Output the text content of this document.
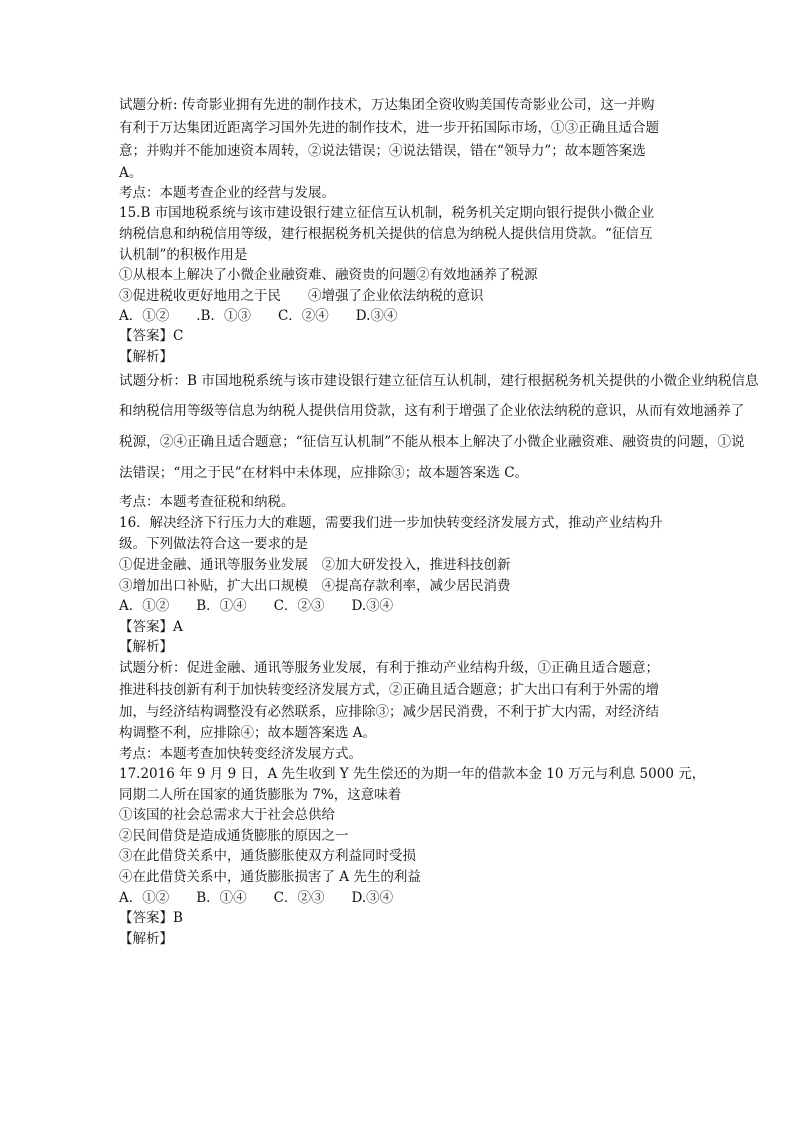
试题分析: 传奇影业拥有先进的制作技术，万达集团全资收购美国传奇影业公司，这一并购
有利于万达集团近距离学习国外先进的制作技术，进一步开拓国际市场，①③正确且适合题
意；并购并不能加速资本周转，②说法错误；④说法错误，错在“领导力”；故本题答案选
A。
考点：本题考查企业的经营与发展。
15.B 市国地税系统与该市建设银行建立征信互认机制，税务机关定期向银行提供小微企业
纳税信息和纳税信用等级，建行根据税务机关提供的信息为纳税人提供信用贷款。“征信互
认机制”的积极作用是
①从根本上解决了小微企业融资难、融资贵的问题②有效地涵养了税源
③促进税收更好地用之于民　　④增强了企业依法纳税的意识
A．①②　　.B．①③　　C．②④　　D.③④
【答案】C
【解析】
试题分析：B 市国地税系统与该市建设银行建立征信互认机制，建行根据税务机关提供的小微企业纳税信息
和纳税信用等级等信息为纳税人提供信用贷款，这有利于增强了企业依法纳税的意识，从而有效地涵养了
税源，②④正确且适合题意；“征信互认机制”不能从根本上解决了小微企业融资难、融资贵的问题，①说
法错误；“用之于民”在材料中未体现，应排除③；故本题答案选 C。
考点：本题考查征税和纳税。
16．解决经济下行压力大的难题，需要我们进一步加快转变经济发展方式，推动产业结构升
级。下列做法符合这一要求的是
①促进金融、通讯等服务业发展　②加大研发投入，推进科技创新
③增加出口补贴，扩大出口规模　④提高存款利率，减少居民消费
A．①②　　B．①④　　C．②③　　D.③④
【答案】A
【解析】
试题分析：促进金融、通讯等服务业发展，有利于推动产业结构升级，①正确且适合题意；
推进科技创新有利于加快转变经济发展方式，②正确且适合题意；扩大出口有利于外需的增
加，与经济结构调整没有必然联系，应排除③；减少居民消费，不利于扩大内需，对经济结
构调整不利，应排除④；故本题答案选 A。
考点：本题考查加快转变经济发展方式。
17.2016 年 9 月 9 日，A 先生收到 Y 先生偿还的为期一年的借款本金 10 万元与利息 5000 元，
同期二人所在国家的通货膨胀为 7%，这意味着
①该国的社会总需求大于社会总供给
②民间借贷是造成通货膨胀的原因之一
③在此借贷关系中，通货膨胀使双方利益同时受损
④在此借贷关系中，通货膨胀损害了 A 先生的利益
A．①②　　B．①④　　C．②③　　D.③④
【答案】B
【解析】
